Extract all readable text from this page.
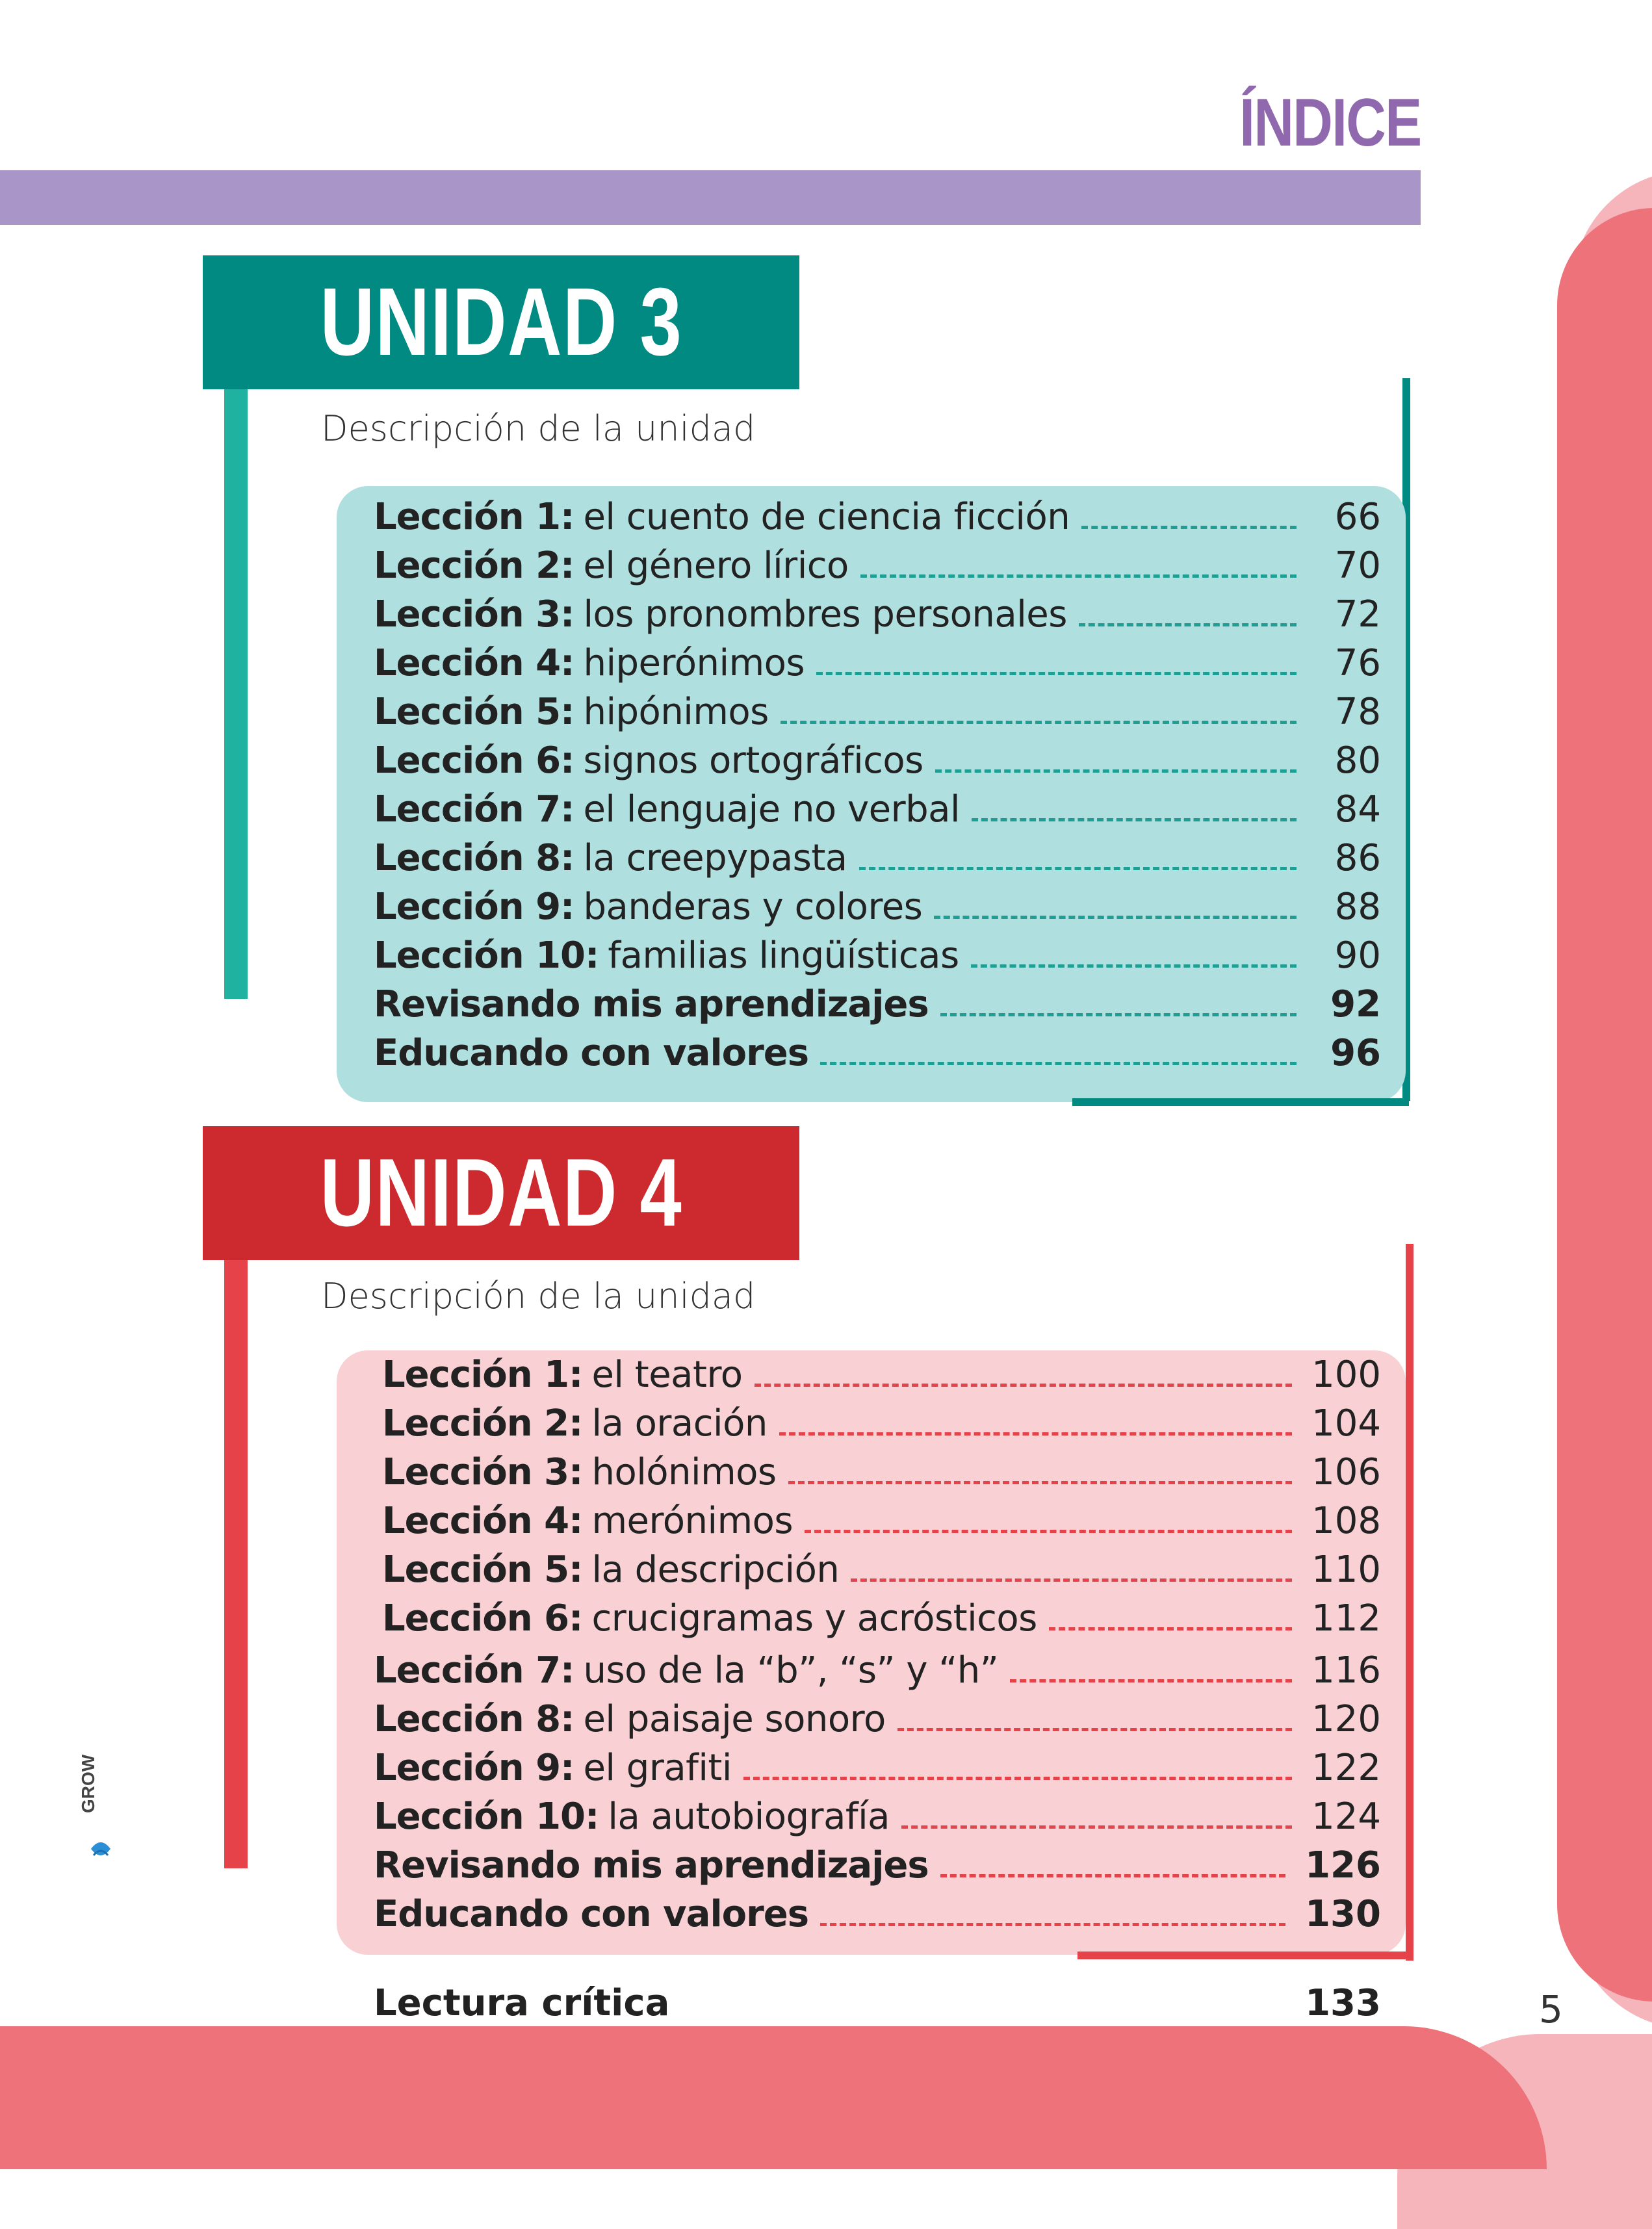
ÍNDICE
UNIDAD 3
Descripción de la unidad
Lección 1: el cuento de ciencia ficción	66
Lección 2: el género lírico	70
Lección 3: los pronombres personales	72
Lección 4: hiperónimos	76
Lección 5: hipónimos	78
Lección 6: signos ortográficos	80
Lección 7: el lenguaje no verbal	84
Lección 8: la creepypasta	86
Lección 9: banderas y colores	88
Lección 10: familias lingüísticas	90
Revisando mis aprendizajes	92
Educando con valores	96
UNIDAD 4
Descripción de la unidad
Lección 1: el teatro	100
Lección 2: la oración	104
Lección 3: holónimos	106
Lección 4: merónimos	108
Lección 5: la descripción	110
Lección 6: crucigramas y acrósticos	112
Lección 7: uso de la “b”, “s” y “h”	116
Lección 8: el paisaje sonoro	120
Lección 9: el grafiti	122
Lección 10: la autobiografía	124
Revisando mis aprendizajes	126
Educando con valores	130
Lectura crítica	133
GROW
5
